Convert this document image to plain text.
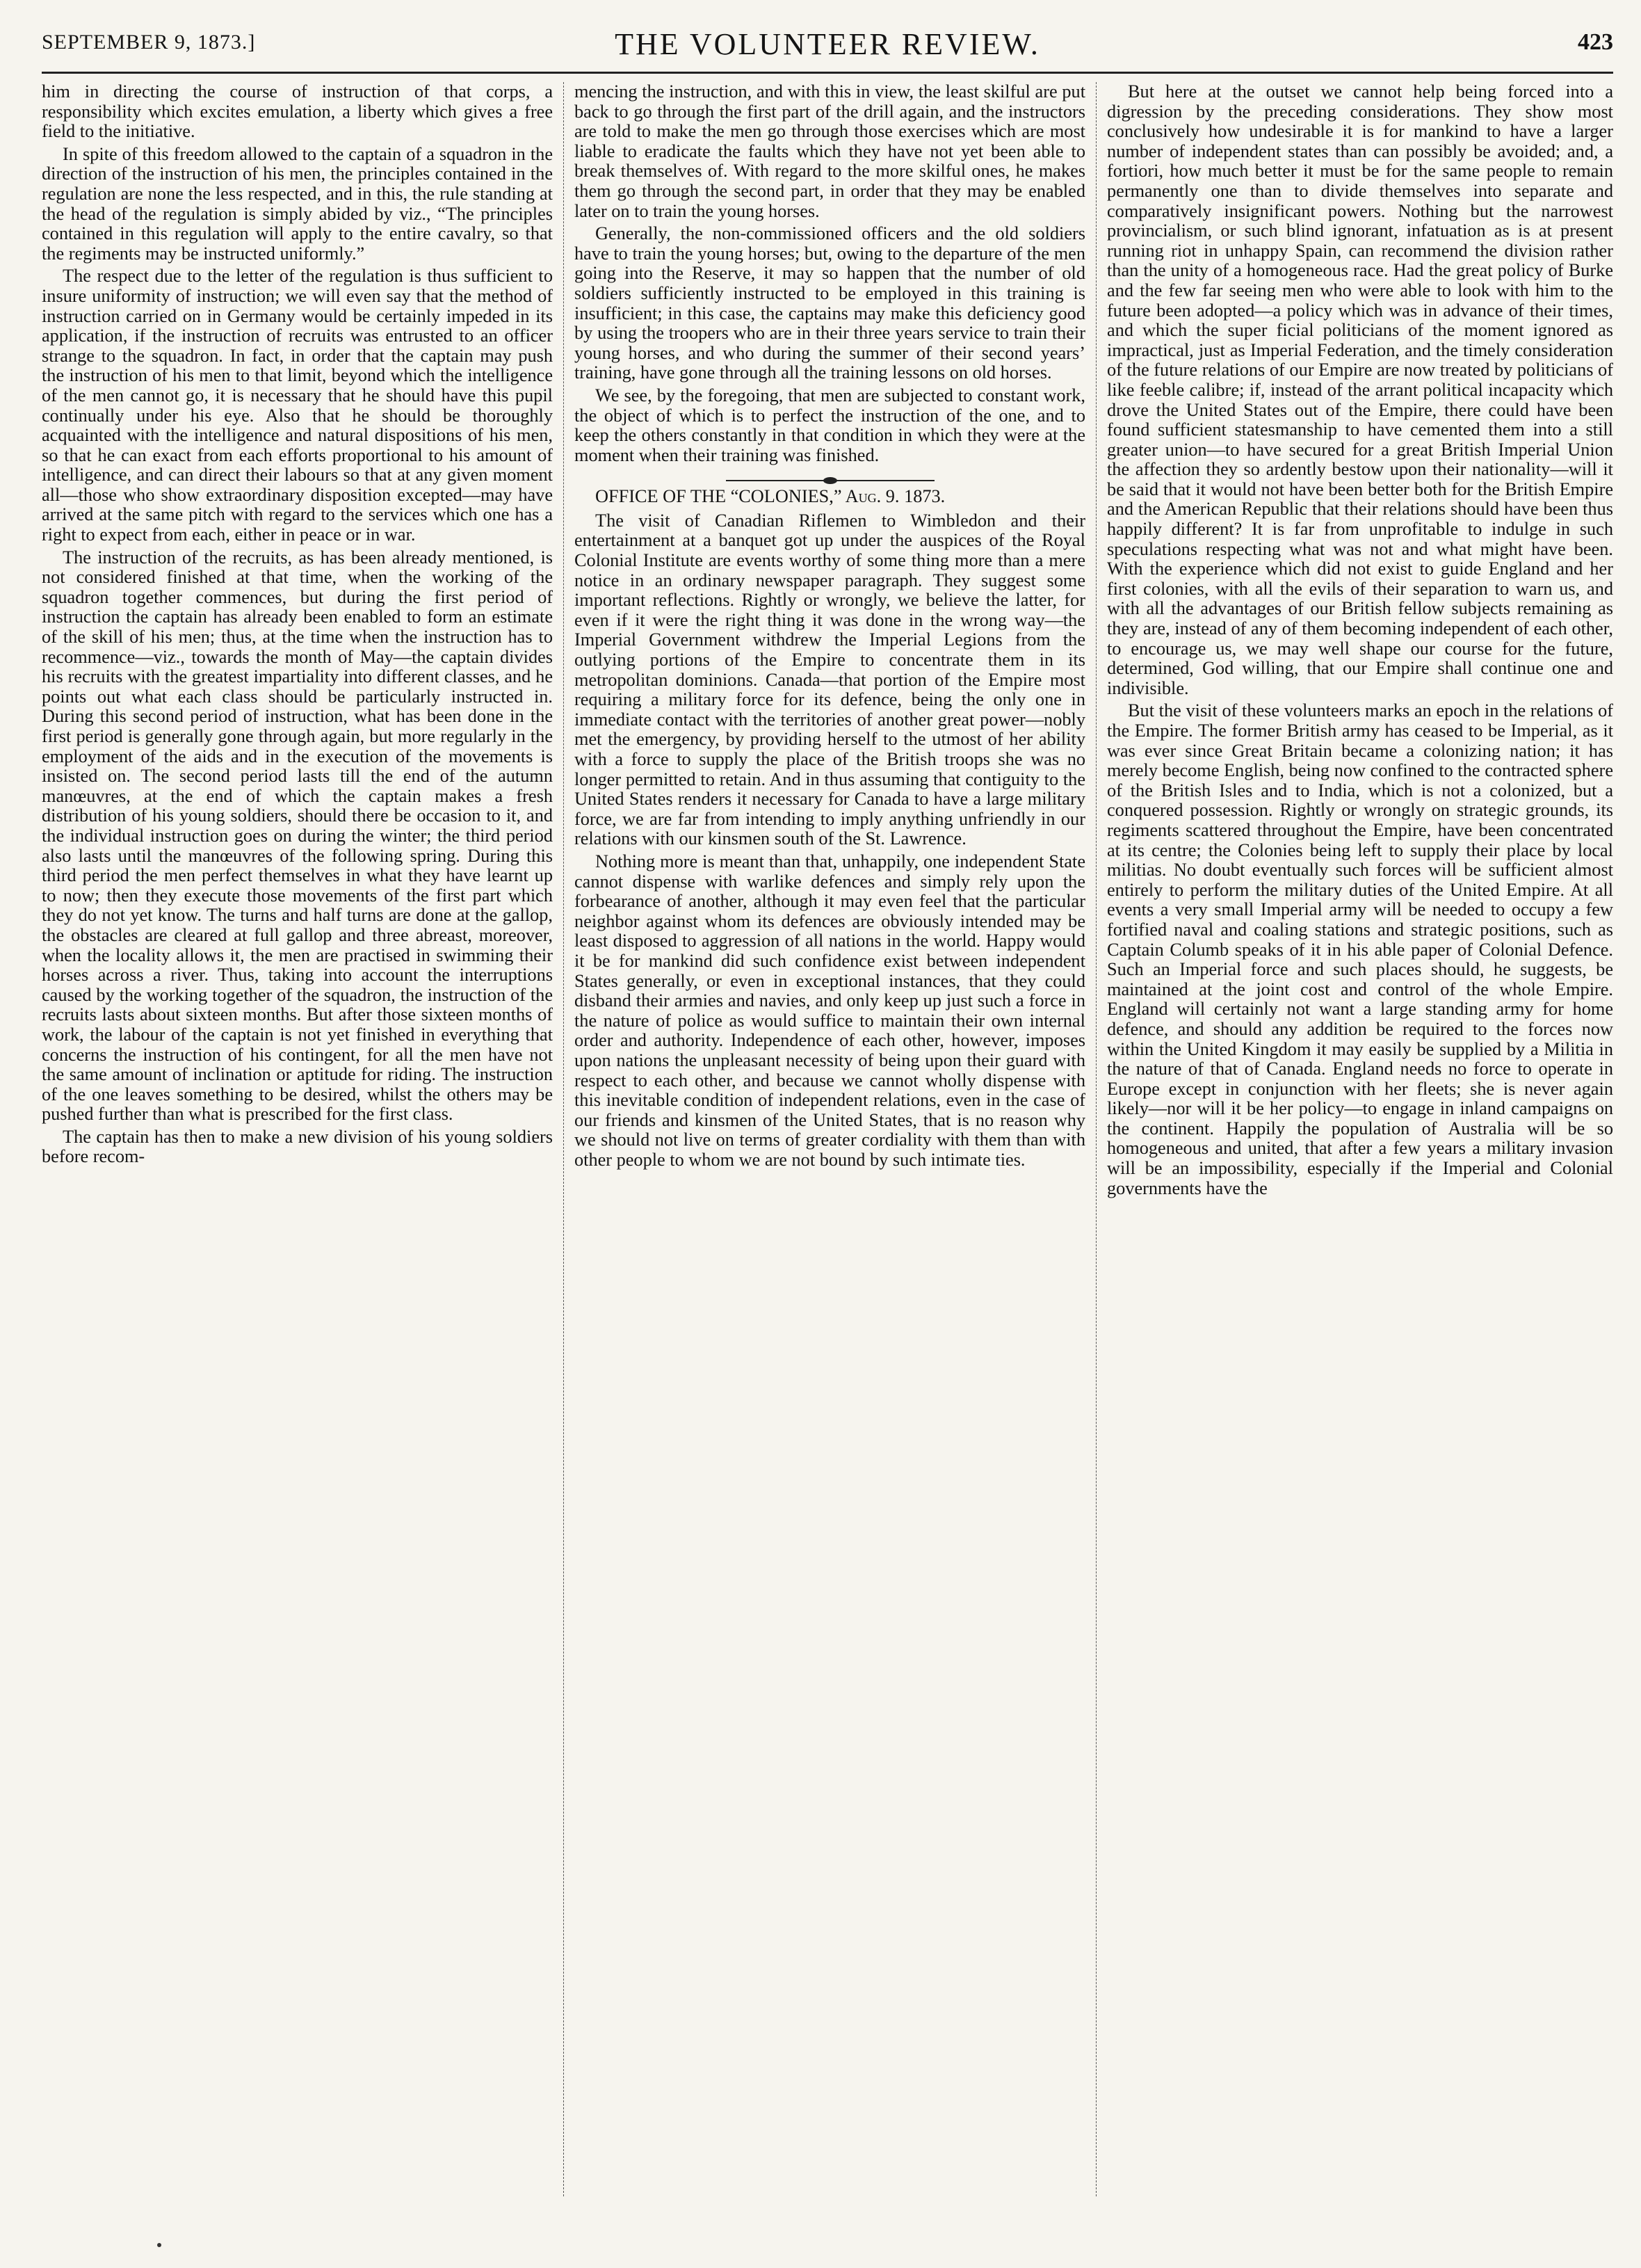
SEPTEMBER 9, 1873.]	THE VOLUNTEER REVIEW.	423

him in directing the course of instruction of that corps, a responsibility which excites emulation, a liberty which gives a free field to the initiative.

In spite of this freedom allowed to the captain of a squadron in the direction of the instruction of his men, the principles contained in the regulation are none the less respected, and in this, the rule standing at the head of the regulation is simply abided by viz., “The principles contained in this regulation will apply to the entire cavalry, so that the regiments may be instructed uniformly.”

The respect due to the letter of the regulation is thus sufficient to insure uniformity of instruction; we will even say that the method of instruction carried on in Germany would be certainly impeded in its application, if the instruction of recruits was entrusted to an officer strange to the squadron. In fact, in order that the captain may push the instruction of his men to that limit, beyond which the intelligence of the men cannot go, it is necessary that he should have this pupil continually under his eye. Also that he should be thoroughly acquainted with the intelligence and natural dispositions of his men, so that he can exact from each efforts proportional to his amount of intelligence, and can direct their labours so that at any given moment all—those who show extraordinary disposition excepted—may have arrived at the same pitch with regard to the services which one has a right to expect from each, either in peace or in war.

The instruction of the recruits, as has been already mentioned, is not considered finished at that time, when the working of the squadron together commences, but during the first period of instruction the captain has already been enabled to form an estimate of the skill of his men; thus, at the time when the instruction has to recommence—viz., towards the month of May—the captain divides his recruits with the greatest impartiality into different classes, and he points out what each class should be particularly instructed in. During this second period of instruction, what has been done in the first period is generally gone through again, but more regularly in the employment of the aids and in the execution of the movements is insisted on. The second period lasts till the end of the autumn manœuvres, at the end of which the captain makes a fresh distribution of his young soldiers, should there be occasion to it, and the individual instruction goes on during the winter; the third period also lasts until the manœuvres of the following spring. During this third period the men perfect themselves in what they have learnt up to now; then they execute those movements of the first part which they do not yet know. The turns and half turns are done at the gallop, the obstacles are cleared at full gallop and three abreast, moreover, when the locality allows it, the men are practised in swimming their horses across a river. Thus, taking into account the interruptions caused by the working together of the squadron, the instruction of the recruits lasts about sixteen months. But after those sixteen months of work, the labour of the captain is not yet finished in everything that concerns the instruction of his contingent, for all the men have not the same amount of inclination or aptitude for riding. The instruction of the one leaves something to be desired, whilst the others may be pushed further than what is prescribed for the first class.

The captain has then to make a new division of his young soldiers before recom-

mencing the instruction, and with this in view, the least skilful are put back to go through the first part of the drill again, and the instructors are told to make the men go through those exercises which are most liable to eradicate the faults which they have not yet been able to break themselves of. With regard to the more skilful ones, he makes them go through the second part, in order that they may be enabled later on to train the young horses.

Generally, the non-commissioned officers and the old soldiers have to train the young horses; but, owing to the departure of the men going into the Reserve, it may so happen that the number of old soldiers sufficiently instructed to be employed in this training is insufficient; in this case, the captains may make this deficiency good by using the troopers who are in their three years service to train their young horses, and who during the summer of their second years’ training, have gone through all the training lessons on old horses.

We see, by the foregoing, that men are subjected to constant work, the object of which is to perfect the instruction of the one, and to keep the others constantly in that condition in which they were at the moment when their training was finished.

OFFICE OF THE “COLONIES,” Aug. 9. 1873.

The visit of Canadian Riflemen to Wimbledon and their entertainment at a banquet got up under the auspices of the Royal Colonial Institute are events worthy of some thing more than a mere notice in an ordinary newspaper paragraph. They suggest some important reflections. Rightly or wrongly, we believe the latter, for even if it were the right thing it was done in the wrong way—the Imperial Government withdrew the Imperial Legions from the outlying portions of the Empire to concentrate them in its metropolitan dominions. Canada—that portion of the Empire most requiring a military force for its defence, being the only one in immediate contact with the territories of another great power—nobly met the emergency, by providing herself to the utmost of her ability with a force to supply the place of the British troops she was no longer permitted to retain. And in thus assuming that contiguity to the United States renders it necessary for Canada to have a large military force, we are far from intending to imply anything unfriendly in our relations with our kinsmen south of the St. Lawrence.

Nothing more is meant than that, unhappily, one independent State cannot dispense with warlike defences and simply rely upon the forbearance of another, although it may even feel that the particular neighbor against whom its defences are obviously intended may be least disposed to aggression of all nations in the world. Happy would it be for mankind did such confidence exist between independent States generally, or even in exceptional instances, that they could disband their armies and navies, and only keep up just such a force in the nature of police as would suffice to maintain their own internal order and authority. Independence of each other, however, imposes upon nations the unpleasant necessity of being upon their guard with respect to each other, and because we cannot wholly dispense with this inevitable condition of independent relations, even in the case of our friends and kinsmen of the United States, that is no reason why we should not live on terms of greater cordiality with them than with other people to whom we are not bound by such intimate ties.

But here at the outset we cannot help being forced into a digression by the preceding considerations. They show most conclusively how undesirable it is for mankind to have a larger number of independent states than can possibly be avoided; and, a fortiori, how much better it must be for the same people to remain permanently one than to divide themselves into separate and comparatively insignificant powers. Nothing but the narrowest provincialism, or such blind ignorant, infatuation as is at present running riot in unhappy Spain, can recommend the division rather than the unity of a homogeneous race. Had the great policy of Burke and the few far seeing men who were able to look with him to the future been adopted—a policy which was in advance of their times, and which the super ficial politicians of the moment ignored as impractical, just as Imperial Federation, and the timely consideration of the future relations of our Empire are now treated by politicians of like feeble calibre; if, instead of the arrant political incapacity which drove the United States out of the Empire, there could have been found sufficient statesmanship to have cemented them into a still greater union—to have secured for a great British Imperial Union the affection they so ardently bestow upon their nationality—will it be said that it would not have been better both for the British Empire and the American Republic that their relations should have been thus happily different? It is far from unprofitable to indulge in such speculations respecting what was not and what might have been. With the experience which did not exist to guide England and her first colonies, with all the evils of their separation to warn us, and with all the advantages of our British fellow subjects remaining as they are, instead of any of them becoming independent of each other, to encourage us, we may well shape our course for the future, determined, God willing, that our Empire shall continue one and indivisible.

But the visit of these volunteers marks an epoch in the relations of the Empire. The former British army has ceased to be Imperial, as it was ever since Great Britain became a colonizing nation; it has merely become English, being now confined to the contracted sphere of the British Isles and to India, which is not a colonized, but a conquered possession. Rightly or wrongly on strategic grounds, its regiments scattered throughout the Empire, have been concentrated at its centre; the Colonies being left to supply their place by local militias. No doubt eventually such forces will be sufficient almost entirely to perform the military duties of the United Empire. At all events a very small Imperial army will be needed to occupy a few fortified naval and coaling stations and strategic positions, such as Captain Columb speaks of it in his able paper of Colonial Defence. Such an Imperial force and such places should, he suggests, be maintained at the joint cost and control of the whole Empire. England will certainly not want a large standing army for home defence, and should any addition be required to the forces now within the United Kingdom it may easily be supplied by a Militia in the nature of that of Canada. England needs no force to operate in Europe except in conjunction with her fleets; she is never again likely—nor will it be her policy—to engage in inland campaigns on the continent. Happily the population of Australia will be so homogeneous and united, that after a few years a military invasion will be an impossibility, especially if the Imperial and Colonial governments have the
